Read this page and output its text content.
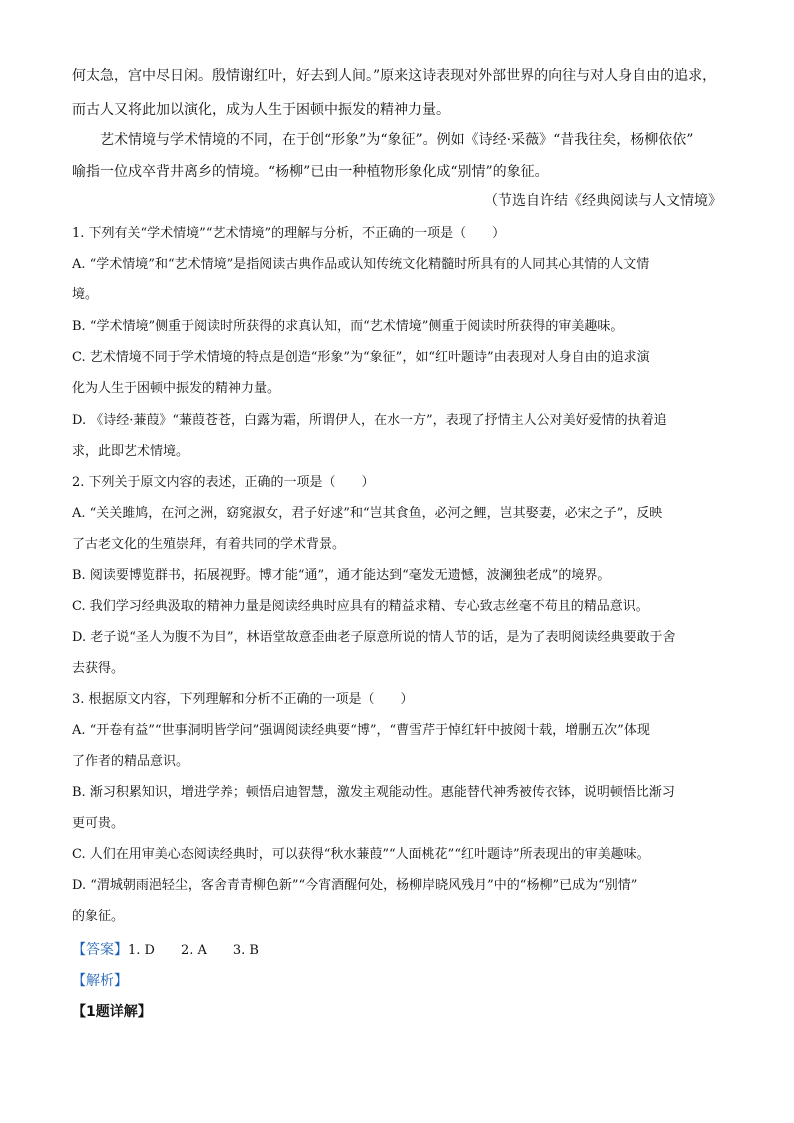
何太急，宫中尽日闲。殷情谢红叶，好去到人间。”原来这诗表现对外部世界的向往与对人身自由的追求，
而古人又将此加以演化，成为人生于困顿中振发的精神力量。
艺术情境与学术情境的不同，在于创“形象”为“象征”。例如《诗经·采薇》“昔我往矣，杨柳依依”
喻指一位戍卒背井离乡的情境。“杨柳”已由一种植物形象化成“别情”的象征。
（节选自许结《经典阅读与人文情境》
1. 下列有关“学术情境”“艺术情境”的理解与分析，不正确的一项是（　　）
A. “学术情境”和“艺术情境”是指阅读古典作品或认知传统文化精髓时所具有的人同其心其情的人文情
境。
B. “学术情境”侧重于阅读时所获得的求真认知，而“艺术情境”侧重于阅读时所获得的审美趣味。
C. 艺术情境不同于学术情境的特点是创造“形象”为“象征”，如“红叶题诗”由表现对人身自由的追求演
化为人生于困顿中振发的精神力量。
D. 《诗经·蒹葭》“蒹葭苍苍，白露为霜，所谓伊人，在水一方”，表现了抒情主人公对美好爱情的执着追
求，此即艺术情境。
2. 下列关于原文内容的表述，正确的一项是（　　）
A. “关关雎鸠，在河之洲，窈窕淑女，君子好逑”和“岂其食鱼，必河之鲤，岂其娶妻，必宋之子”，反映
了古老文化的生殖崇拜，有着共同的学术背景。
B. 阅读要博览群书，拓展视野。博才能“通”，通才能达到“毫发无遗憾，波澜独老成”的境界。
C. 我们学习经典汲取的精神力量是阅读经典时应具有的精益求精、专心致志丝毫不苟且的精品意识。
D. 老子说“圣人为腹不为目”，林语堂故意歪曲老子原意所说的情人节的话，是为了表明阅读经典要敢于舍
去获得。
3. 根据原文内容，下列理解和分析不正确的一项是（　　）
A. “开卷有益”“世事洞明皆学问”强调阅读经典要“博”，“曹雪芹于悼红轩中披阅十载，增删五次”体现
了作者的精品意识。
B. 渐习积累知识，增进学养；顿悟启迪智慧，激发主观能动性。惠能替代神秀被传衣钵，说明顿悟比渐习
更可贵。
C. 人们在用审美心态阅读经典时，可以获得“秋水蒹葭”“人面桃花”“红叶题诗”所表现出的审美趣味。
D. “渭城朝雨浥轻尘，客舍青青柳色新”“今宵酒醒何处，杨柳岸晓风残月”中的“杨柳”已成为“别情”
的象征。
【答案】1. D　　2. A　　3. B
【解析】
【1题详解】
